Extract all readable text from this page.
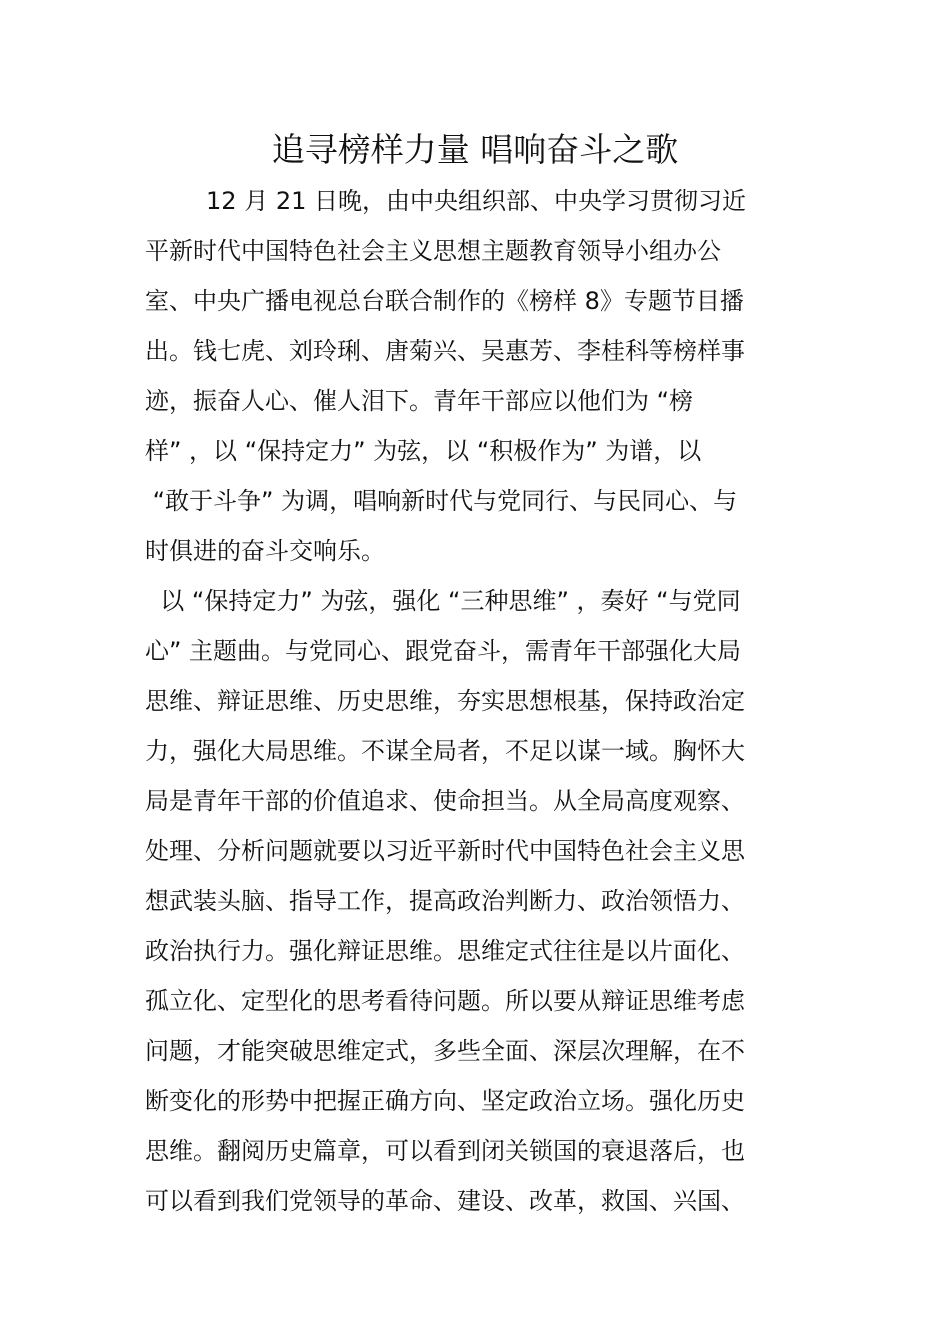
追寻榜样力量 唱响奋斗之歌
12 月 21 日晚，由中央组织部、中央学习贯彻习近
平新时代中国特色社会主义思想主题教育领导小组办公
室、中央广播电视总台联合制作的《榜样 8》专题节目播
出。钱七虎、刘玲琍、唐菊兴、吴惠芳、李桂科等榜样事
迹，振奋人心、催人泪下。青年干部应以他们为 “榜
样” ，以 “保持定力” 为弦，以 “积极作为” 为谱，以
“敢于斗争” 为调，唱响新时代与党同行、与民同心、与
时俱进的奋斗交响乐。
以 “保持定力” 为弦，强化 “三种思维” ，奏好 “与党同
心” 主题曲。与党同心、跟党奋斗，需青年干部强化大局
思维、辩证思维、历史思维，夯实思想根基，保持政治定
力，强化大局思维。不谋全局者，不足以谋一域。胸怀大
局是青年干部的价值追求、使命担当。从全局高度观察、
处理、分析问题就要以习近平新时代中国特色社会主义思
想武装头脑、指导工作，提高政治判断力、政治领悟力、
政治执行力。强化辩证思维。思维定式往往是以片面化、
孤立化、定型化的思考看待问题。所以要从辩证思维考虑
问题，才能突破思维定式，多些全面、深层次理解，在不
断变化的形势中把握正确方向、坚定政治立场。强化历史
思维。翻阅历史篇章，可以看到闭关锁国的衰退落后，也
可以看到我们党领导的革命、建设、改革，救国、兴国、
